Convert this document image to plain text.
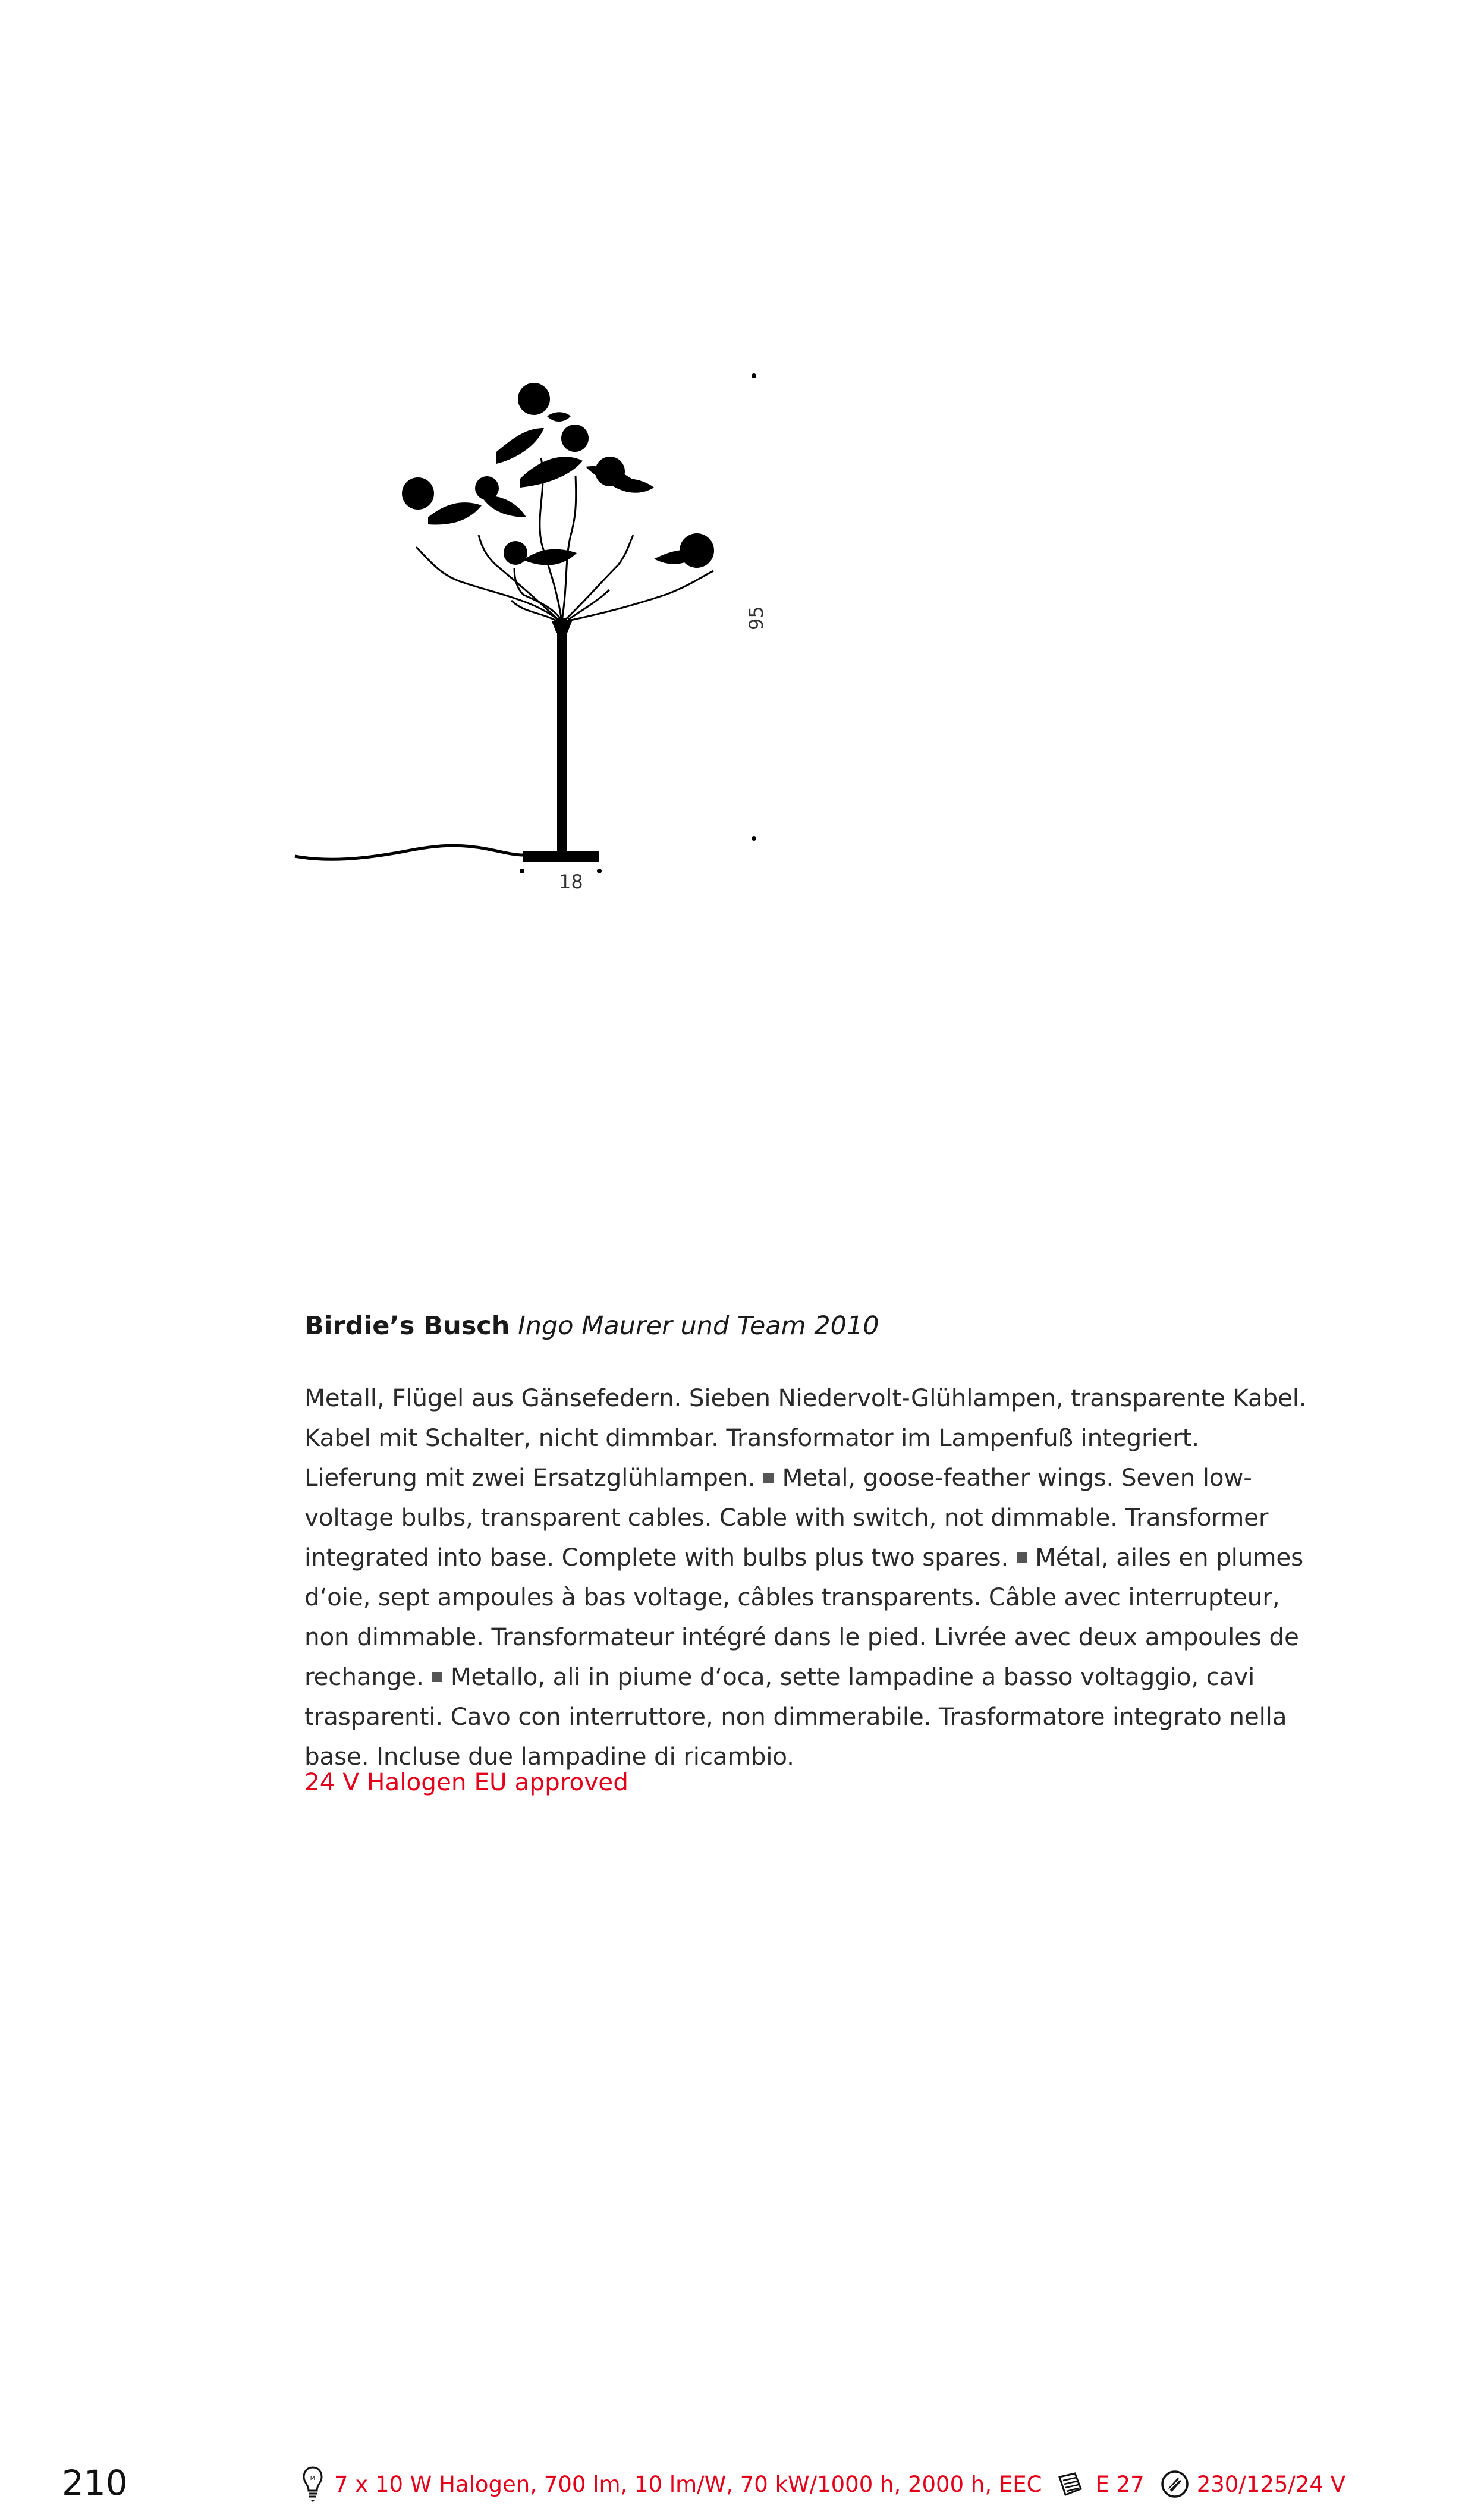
95
18
Birdie’s Busch Ingo Maurer und Team 2010
Metall, Flügel aus Gänsefedern. Sieben Niedervolt-Glühlampen, transparente Kabel. Kabel mit Schalter, nicht dimmbar. Transformator im Lampenfuß integriert. Lieferung mit zwei Ersatzglühlampen. Metal, goose-feather wings. Seven low-voltage bulbs, transparent cables. Cable with switch, not dimmable. Transformer integrated into base. Complete with bulbs plus two spares. Métal, ailes en plumes d‘oie, sept ampoules à bas voltage, câbles transparents. Câble avec interrupteur, non dimmable. Transformateur intégré dans le pied. Livrée avec deux ampoules de rechange. Metallo, ali in piume d‘oca, sette lampadine a basso voltaggio, cavi trasparenti. Cavo con interruttore, non dimmerabile. Trasformatore integrato nella base. Incluse due lampadine di ricambio.
24 V Halogen EU approved
210	M 7 x 10 W Halogen, 700 lm, 10 lm/W, 70 kW/1000 h, 2000 h, EEC E 27 230/125/24 V
